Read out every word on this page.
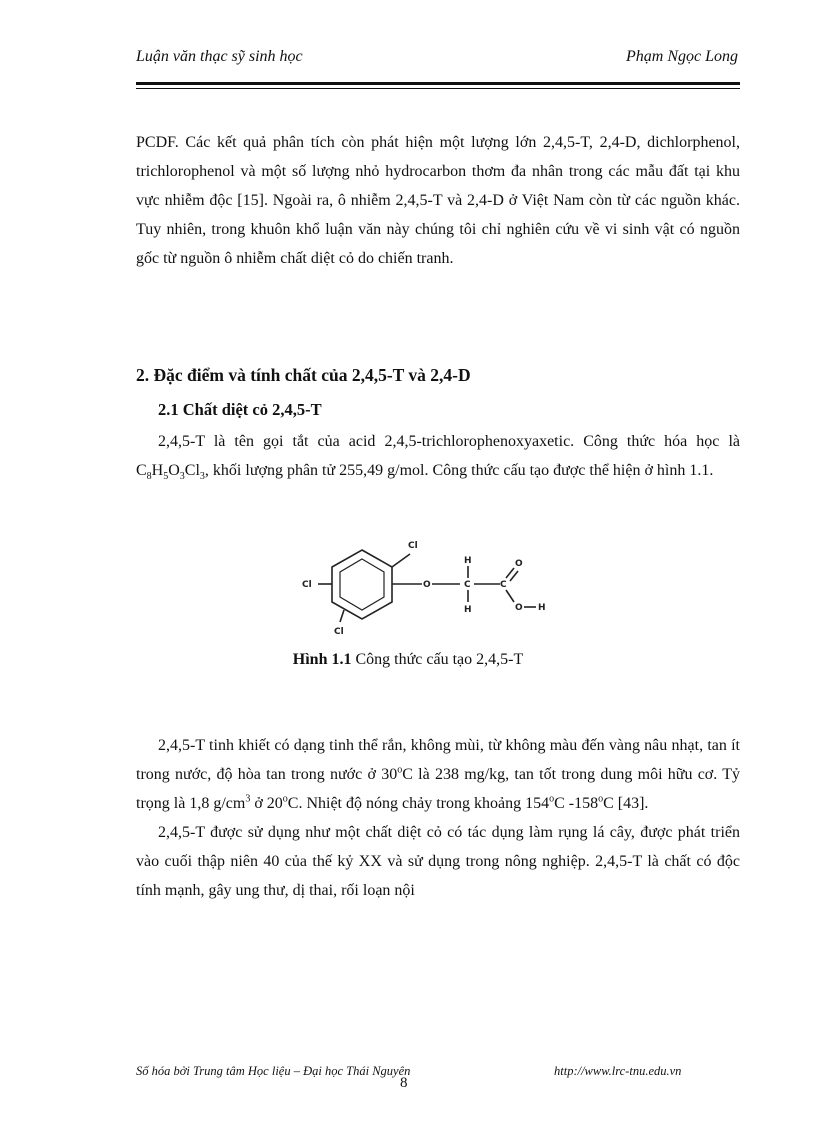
Luận văn thạc sỹ sinh học	Phạm Ngọc Long

PCDF. Các kết quả phân tích còn phát hiện một lượng lớn 2,4,5-T, 2,4-D, dichlorphenol, trichlorophenol và một số lượng nhỏ hydrocarbon thơm đa nhân trong các mẫu đất tại khu vực nhiễm độc [15]. Ngoài ra, ô nhiễm 2,4,5-T và 2,4-D ở Việt Nam còn từ các nguồn khác. Tuy nhiên, trong khuôn khổ luận văn này chúng tôi chỉ nghiên cứu về vi sinh vật có nguồn gốc từ nguồn ô nhiễm chất diệt cỏ do chiến tranh.

2. Đặc điểm và tính chất của 2,4,5-T và 2,4-D
2.1 Chất diệt cỏ 2,4,5-T

2,4,5-T là tên gọi tắt của acid 2,4,5-trichlorophenoxyaxetic. Công thức hóa học là $C_8H_5O_3Cl_3$, khối lượng phân tử 255,49 g/mol. Công thức cấu tạo được thể hiện ở hình 1.1.

Cl
Cl
Cl
O
H
C
H
C
O
O H
Hình 1.1 Công thức cấu tạo 2,4,5-T

2,4,5-T tinh khiết có dạng tinh thể rắn, không mùi, từ không màu đến vàng nâu nhạt, tan ít trong nước, độ hòa tan trong nước ở 30$^o$C là 238 mg/kg, tan tốt trong dung môi hữu cơ. Tỷ trọng là 1,8 $g/cm^3$ ở 20$^o$C. Nhiệt độ nóng chảy trong khoảng 154$^o$C -158$^o$C [43].

2,4,5-T được sử dụng như một chất diệt cỏ có tác dụng làm rụng lá cây, được phát triển vào cuối thập niên 40 của thế kỷ XX và sử dụng trong nông nghiệp. 2,4,5-T là chất có độc tính mạnh, gây ung thư, dị thai, rối loạn nội

Số hóa bởi Trung tâm Học liệu – Đại học Thái Nguyên	http://www.lrc-tnu.edu.vn
8
